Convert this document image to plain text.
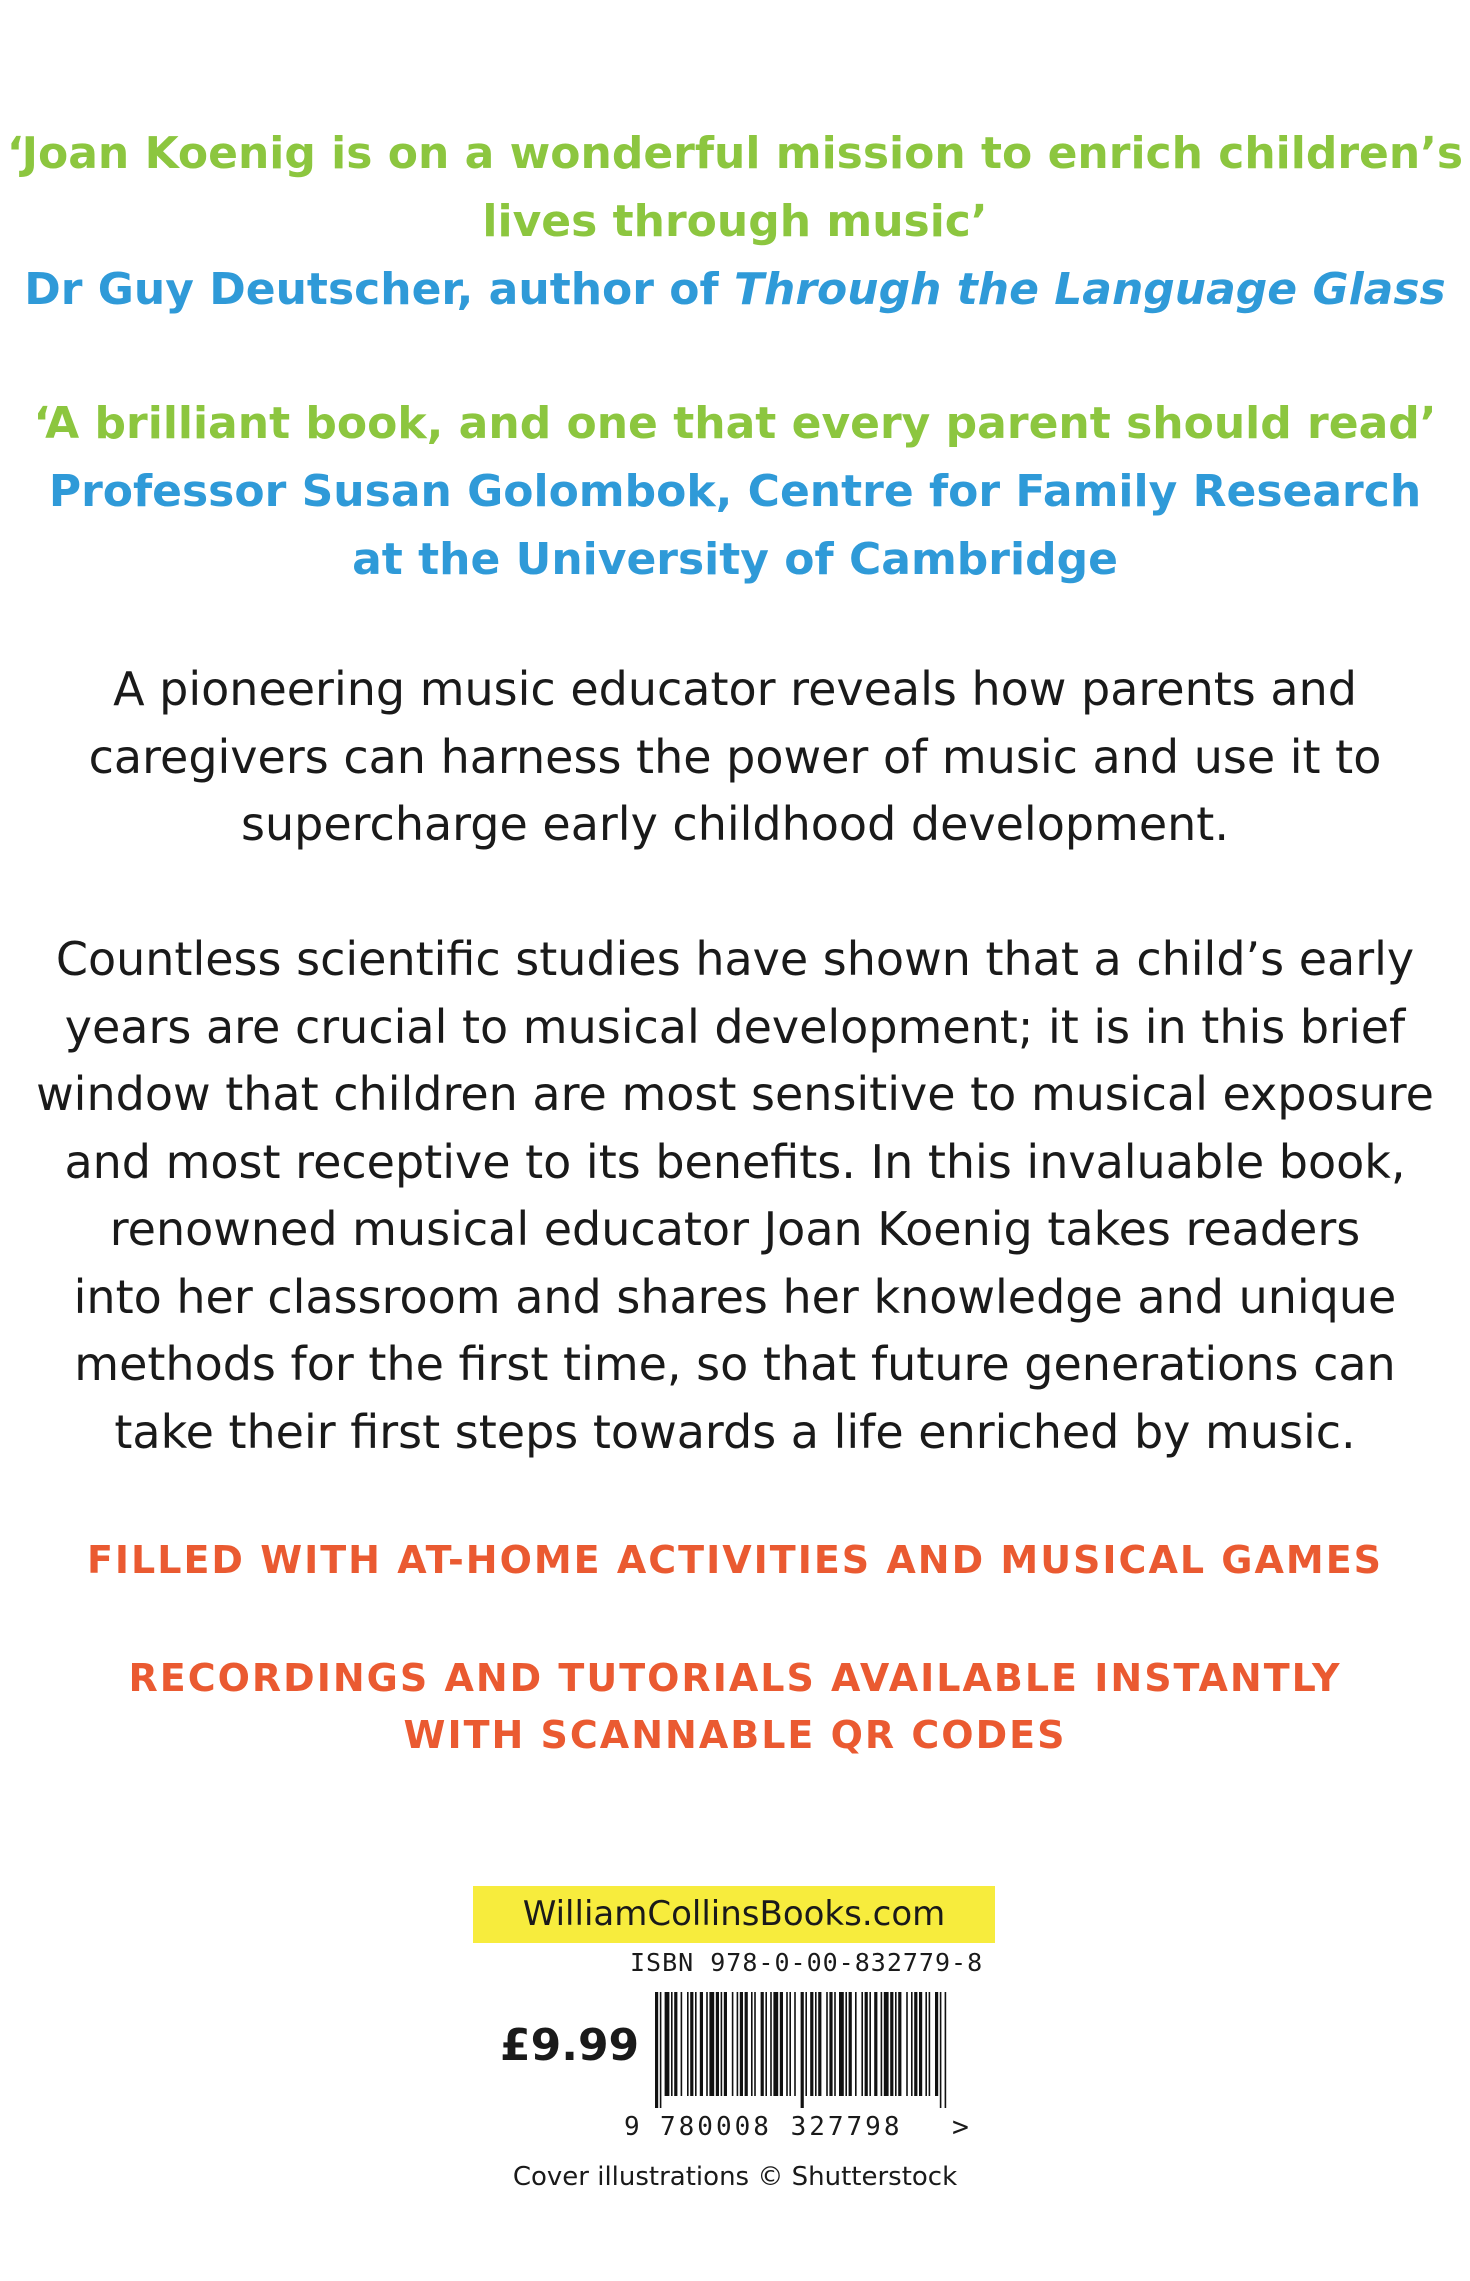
‘Joan Koenig is on a wonderful mission to enrich children’s
lives through music’
Dr Guy Deutscher, author of Through the Language Glass
‘A brilliant book, and one that every parent should read’
Professor Susan Golombok, Centre for Family Research
at the University of Cambridge
A pioneering music educator reveals how parents and
caregivers can harness the power of music and use it to
supercharge early childhood development.
Countless scientific studies have shown that a child’s early
years are crucial to musical development; it is in this brief
window that children are most sensitive to musical exposure
and most receptive to its benefits. In this invaluable book,
renowned musical educator Joan Koenig takes readers
into her classroom and shares her knowledge and unique
methods for the first time, so that future generations can
take their first steps towards a life enriched by music.
FILLED WITH AT-HOME ACTIVITIES AND MUSICAL GAMES
RECORDINGS AND TUTORIALS AVAILABLE INSTANTLY
WITH SCANNABLE QR CODES
WilliamCollinsBooks.com
ISBN 978-0-00-832779-8
£9.99
9 780008 327798	>
Cover illustrations © Shutterstock
